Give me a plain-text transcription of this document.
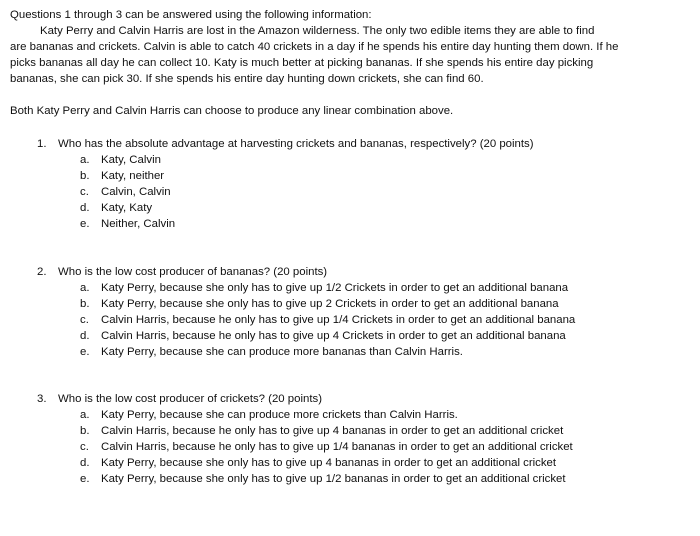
Questions 1 through 3 can be answered using the following information:
Katy Perry and Calvin Harris are lost in the Amazon wilderness. The only two edible items they are able to find
are bananas and crickets. Calvin is able to catch 40 crickets in a day if he spends his entire day hunting them down. If he
picks bananas all day he can collect 10. Katy is much better at picking bananas. If she spends his entire day picking
bananas, she can pick 30. If she spends his entire day hunting down crickets, she can find 60.
Both Katy Perry and Calvin Harris can choose to produce any linear combination above.
1. Who has the absolute advantage at harvesting crickets and bananas, respectively? (20 points)
a.	Katy, Calvin
b.	Katy, neither
c.	Calvin, Calvin
d.	Katy, Katy
e.	Neither, Calvin
2. Who is the low cost producer of bananas? (20 points)
a.	Katy Perry, because she only has to give up 1/2 Crickets in order to get an additional banana
b.	Katy Perry, because she only has to give up 2 Crickets in order to get an additional banana
c.	Calvin Harris, because he only has to give up 1/4 Crickets in order to get an additional banana
d.	Calvin Harris, because he only has to give up 4 Crickets in order to get an additional banana
e.	Katy Perry, because she can produce more bananas than Calvin Harris.
3. Who is the low cost producer of crickets? (20 points)
a.	Katy Perry, because she can produce more crickets than Calvin Harris.
b.	Calvin Harris, because he only has to give up 4 bananas in order to get an additional cricket
c.	Calvin Harris, because he only has to give up 1/4 bananas in order to get an additional cricket
d.	Katy Perry, because she only has to give up 4 bananas in order to get an additional cricket
e.	Katy Perry, because she only has to give up 1/2 bananas in order to get an additional cricket
